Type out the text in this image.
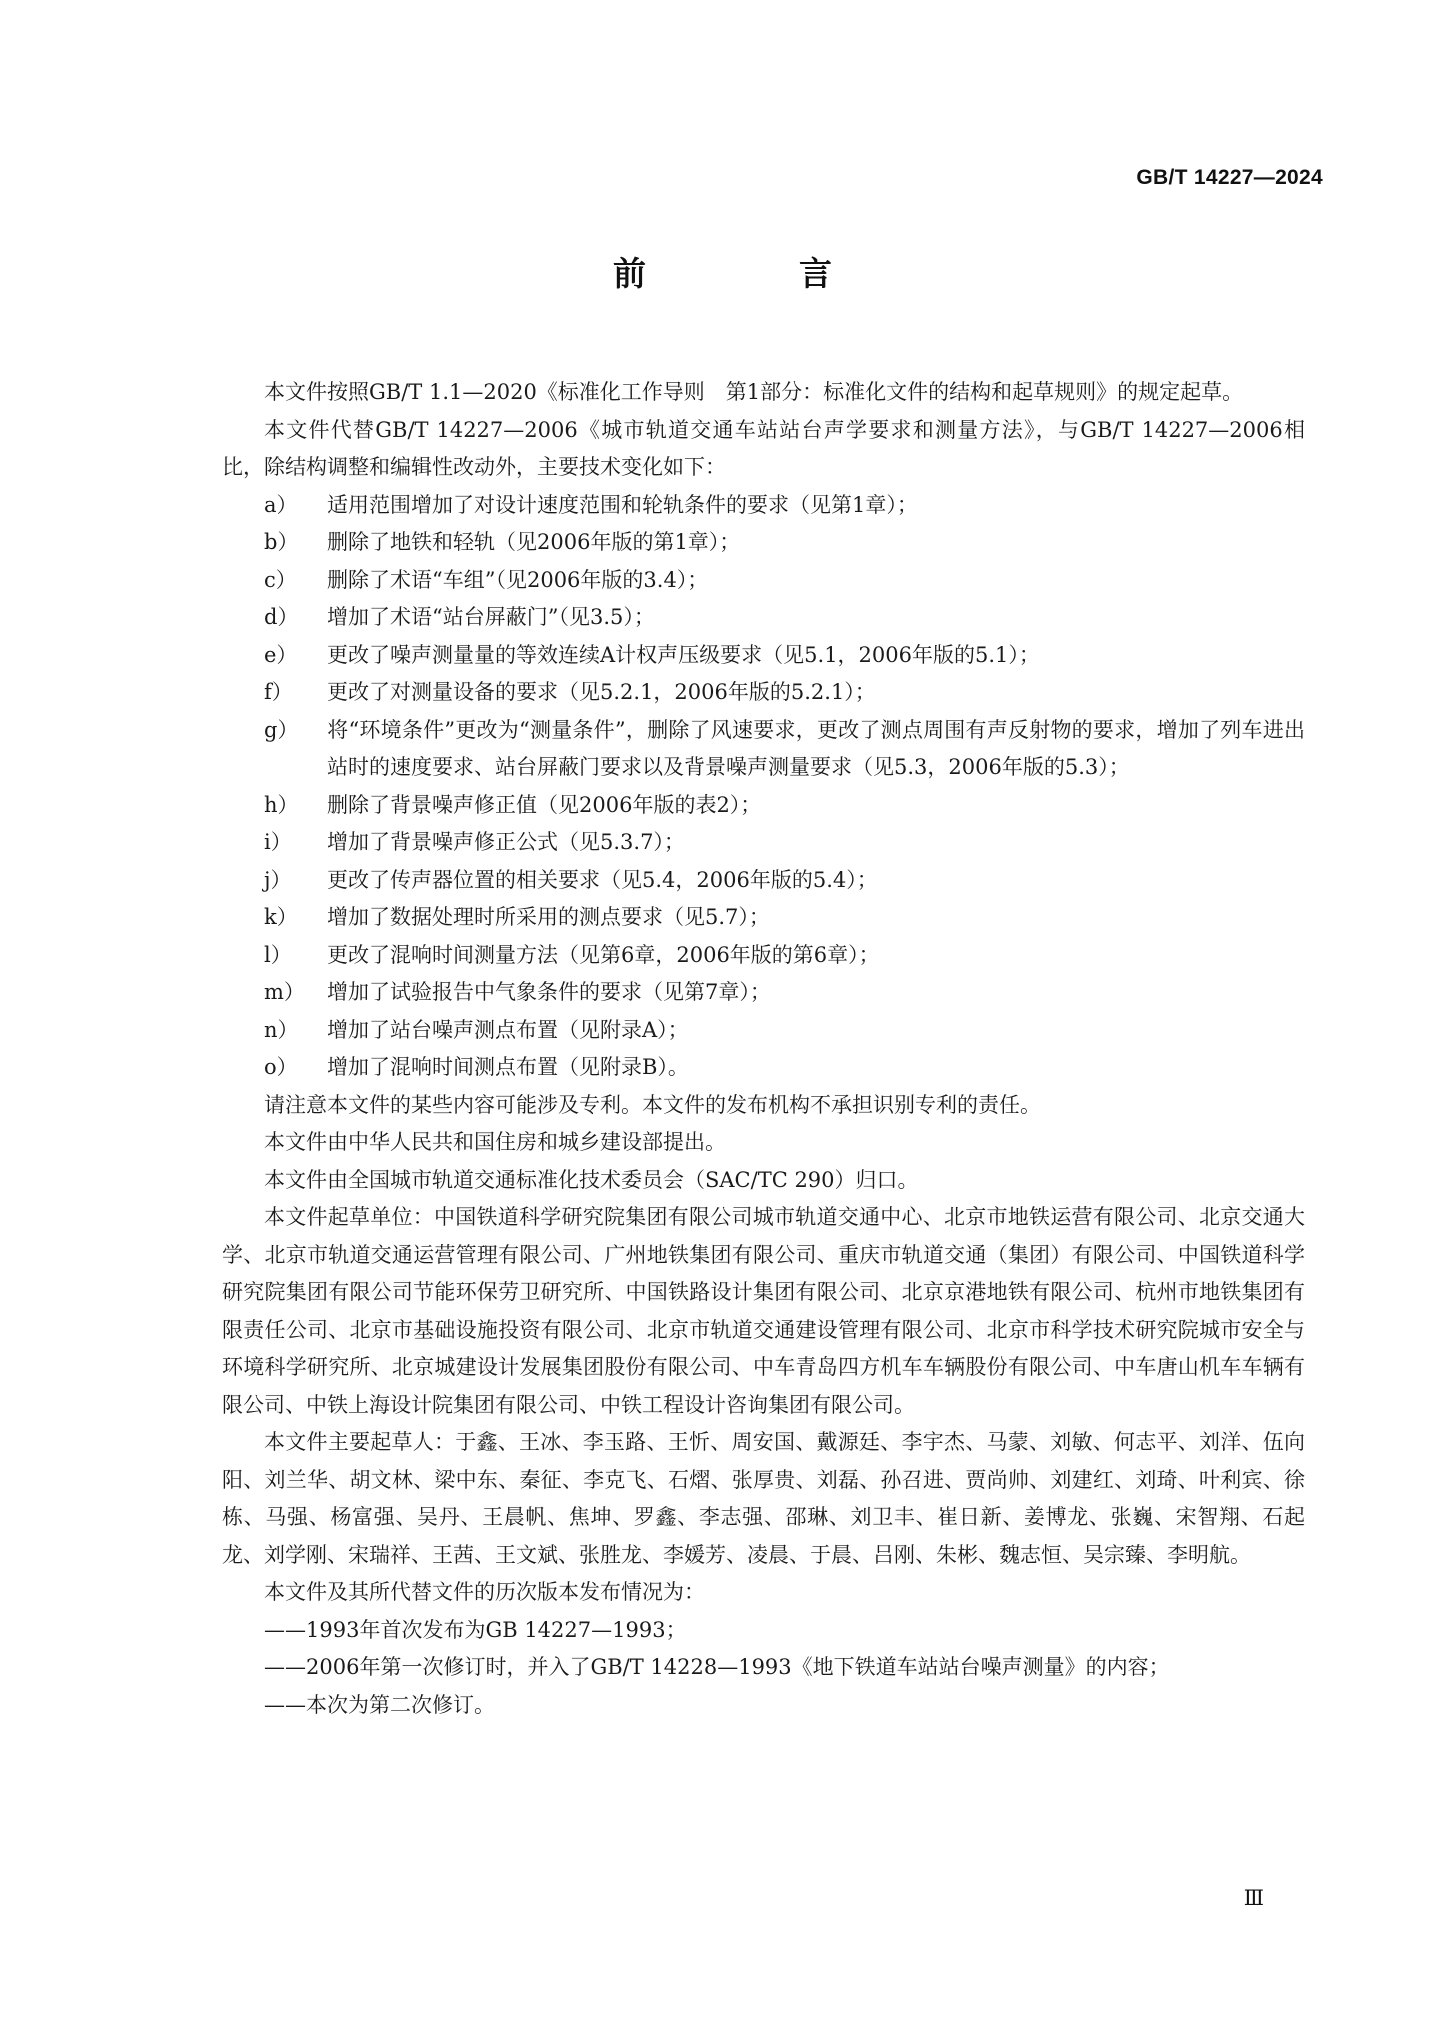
GB/T 14227—2024
前　言

本文件按照GB/T 1.1—2020《标准化工作导则　第1部分：标准化文件的结构和起草规则》的规定起草。

本文件代替GB/T 14227—2006《城市轨道交通车站站台声学要求和测量方法》，与GB/T 14227—2006相比，除结构调整和编辑性改动外，主要技术变化如下：

a） 适用范围增加了对设计速度范围和轮轨条件的要求（见第1章）；

b） 删除了地铁和轻轨（见2006年版的第1章）；

c） 删除了术语“车组”（见2006年版的3.4）；

d） 增加了术语“站台屏蔽门”（见3.5）；

e） 更改了噪声测量量的等效连续A计权声压级要求（见5.1，2006年版的5.1）；

f） 更改了对测量设备的要求（见5.2.1，2006年版的5.2.1）；

g） 将“环境条件”更改为“测量条件”，删除了风速要求，更改了测点周围有声反射物的要求，增加了列车进出站时的速度要求、站台屏蔽门要求以及背景噪声测量要求（见5.3，2006年版的5.3）；

h） 删除了背景噪声修正值（见2006年版的表2）；

i） 增加了背景噪声修正公式（见5.3.7）；

j） 更改了传声器位置的相关要求（见5.4，2006年版的5.4）；

k） 增加了数据处理时所采用的测点要求（见5.7）；

l） 更改了混响时间测量方法（见第6章，2006年版的第6章）；

m） 增加了试验报告中气象条件的要求（见第7章）；

n） 增加了站台噪声测点布置（见附录A）；

o） 增加了混响时间测点布置（见附录B）。

请注意本文件的某些内容可能涉及专利。本文件的发布机构不承担识别专利的责任。

本文件由中华人民共和国住房和城乡建设部提出。

本文件由全国城市轨道交通标准化技术委员会（SAC/TC 290）归口。

本文件起草单位：中国铁道科学研究院集团有限公司城市轨道交通中心、北京市地铁运营有限公司、北京交通大学、北京市轨道交通运营管理有限公司、广州地铁集团有限公司、重庆市轨道交通（集团）有限公司、中国铁道科学研究院集团有限公司节能环保劳卫研究所、中国铁路设计集团有限公司、北京京港地铁有限公司、杭州市地铁集团有限责任公司、北京市基础设施投资有限公司、北京市轨道交通建设管理有限公司、北京市科学技术研究院城市安全与环境科学研究所、北京城建设计发展集团股份有限公司、中车青岛四方机车车辆股份有限公司、中车唐山机车车辆有限公司、中铁上海设计院集团有限公司、中铁工程设计咨询集团有限公司。

本文件主要起草人：于鑫、王冰、李玉路、王忻、周安国、戴源廷、李宇杰、马蒙、刘敏、何志平、刘洋、伍向阳、刘兰华、胡文林、梁中东、秦征、李克飞、石熠、张厚贵、刘磊、孙召进、贾尚帅、刘建红、刘琦、叶利宾、徐栋、马强、杨富强、吴丹、王晨帆、焦坤、罗鑫、李志强、邵琳、刘卫丰、崔日新、姜博龙、张巍、宋智翔、石起龙、刘学刚、宋瑞祥、王茜、王文斌、张胜龙、李媛芳、凌晨、于晨、吕刚、朱彬、魏志恒、吴宗臻、李明航。

本文件及其所代替文件的历次版本发布情况为：

——1993年首次发布为GB 14227—1993；

——2006年第一次修订时，并入了GB/T 14228—1993《地下铁道车站站台噪声测量》的内容；

——本次为第二次修订。

Ⅲ
